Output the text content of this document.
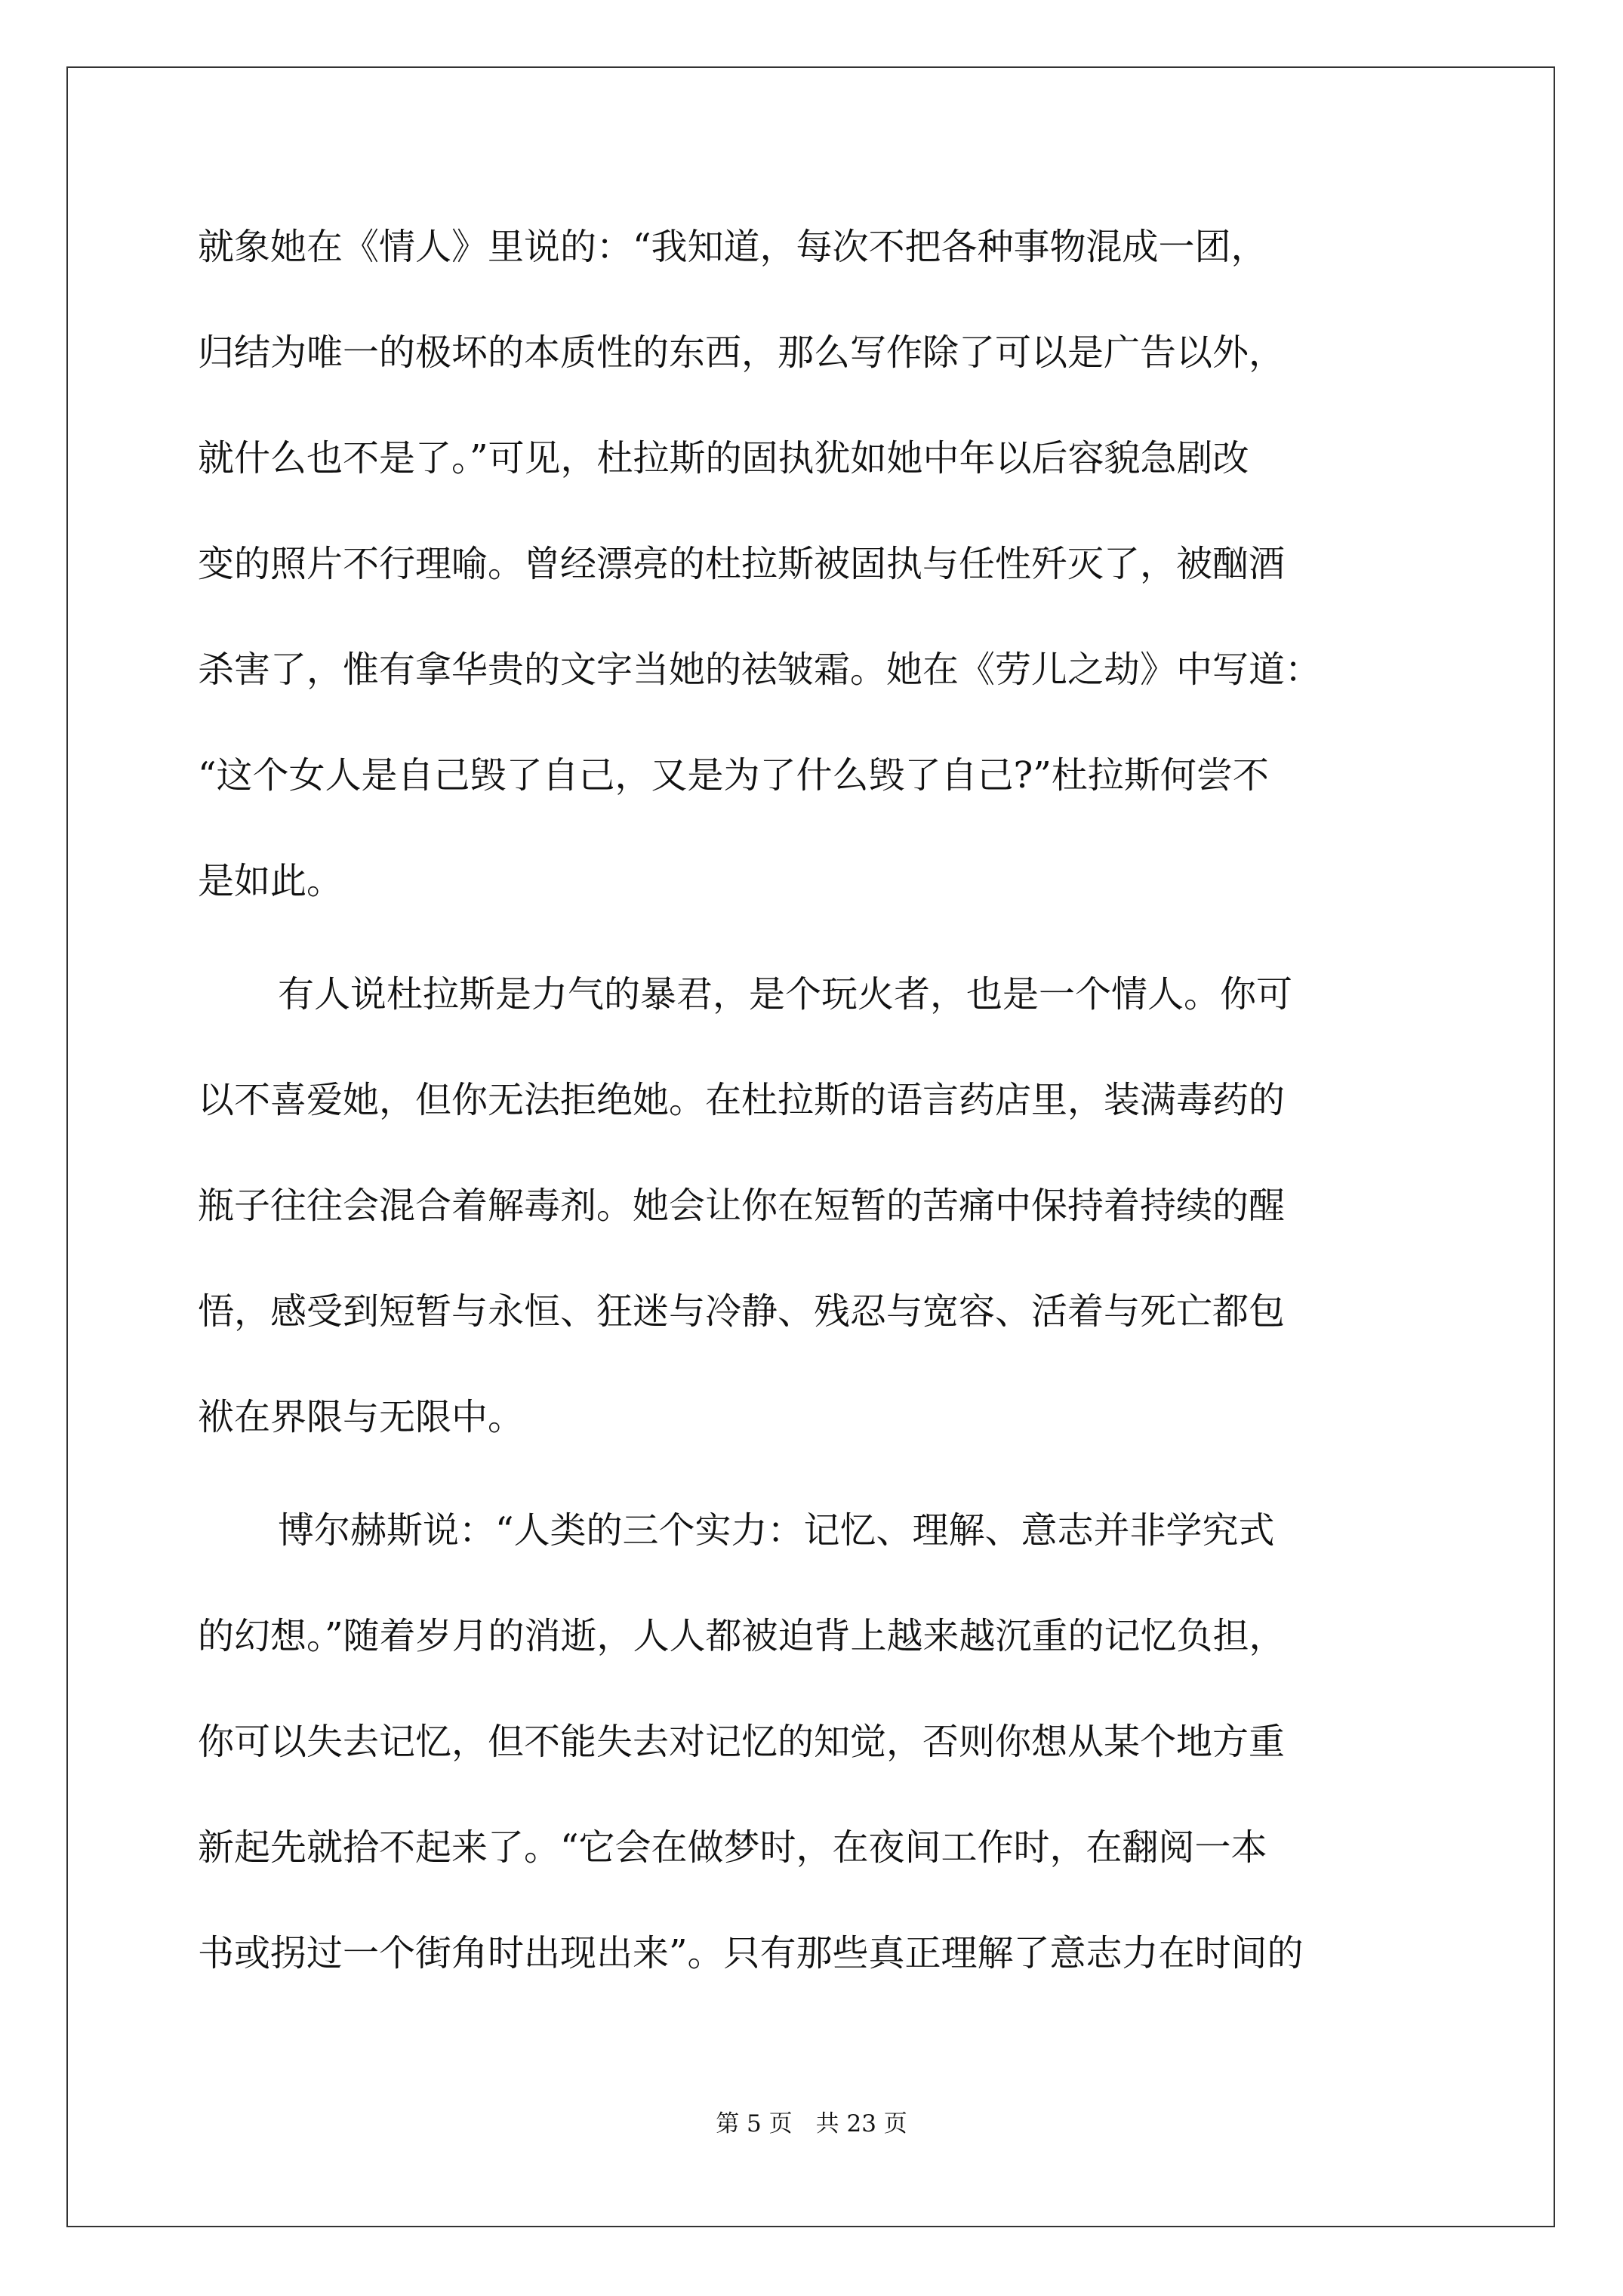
就象她在《情人》里说的：“我知道，每次不把各种事物混成一团，
归结为唯一的极坏的本质性的东西，那么写作除了可以是广告以外，
就什么也不是了。”可见，杜拉斯的固执犹如她中年以后容貌急剧改
变的照片不行理喻。曾经漂亮的杜拉斯被固执与任性歼灭了，被酗酒
杀害了，惟有拿华贵的文字当她的祛皱霜。她在《劳儿之劫》中写道：
“这个女人是自己毁了自己，又是为了什么毁了自己?”杜拉斯何尝不
是如此。
有人说杜拉斯是力气的暴君，是个玩火者，也是一个情人。你可
以不喜爱她，但你无法拒绝她。在杜拉斯的语言药店里，装满毒药的
瓶子往往会混合着解毒剂。她会让你在短暂的苦痛中保持着持续的醒
悟，感受到短暂与永恒、狂迷与冷静、残忍与宽容、活着与死亡都包
袱在界限与无限中。
博尔赫斯说：“人类的三个实力：记忆、理解、意志并非学究式
的幻想。”随着岁月的消逝，人人都被迫背上越来越沉重的记忆负担，
你可以失去记忆，但不能失去对记忆的知觉，否则你想从某个地方重
新起先就拾不起来了。“它会在做梦时，在夜间工作时，在翻阅一本
书或拐过一个街角时出现出来”。只有那些真正理解了意志力在时间的
第 5 页　共 23 页
